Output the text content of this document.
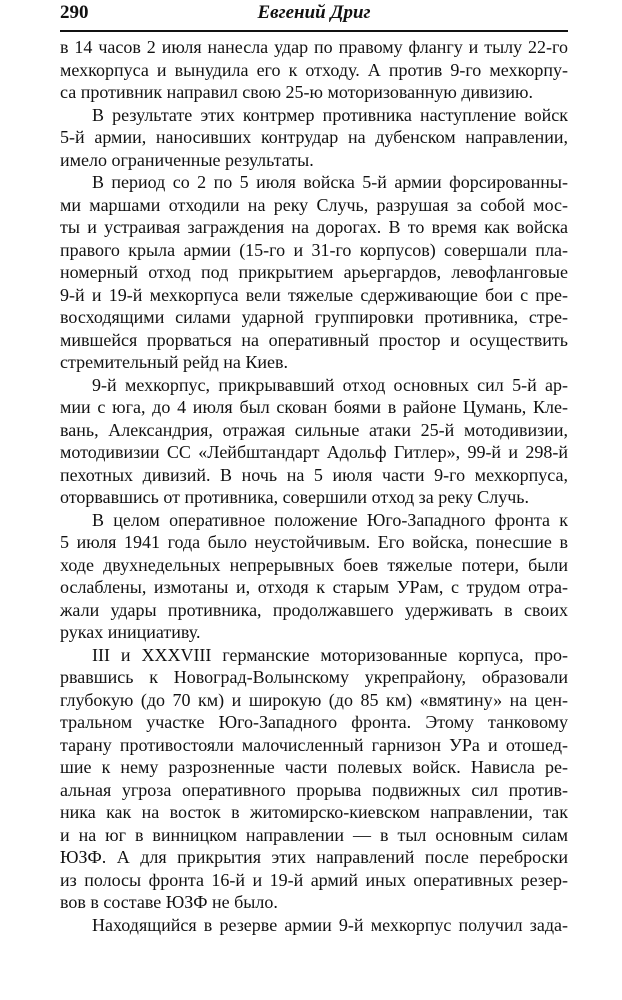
290	Евгений Дриг
в 14 часов 2 июля нанесла удар по правому флангу и тылу 22-го
мехкорпуса и вынудила его к отходу. А против 9-го мехкорпу-
са противник направил свою 25-ю моторизованную дивизию.
В результате этих контрмер противника наступление войск
5-й армии, наносивших контрудар на дубенском направлении,
имело ограниченные результаты.
В период со 2 по 5 июля войска 5-й армии форсированны-
ми маршами отходили на реку Случь, разрушая за собой мос-
ты и устраивая заграждения на дорогах. В то время как войска
правого крыла армии (15-го и 31-го корпусов) совершали пла-
номерный отход под прикрытием арьергардов, левофланговые
9-й и 19-й мехкорпуса вели тяжелые сдерживающие бои с пре-
восходящими силами ударной группировки противника, стре-
мившейся прорваться на оперативный простор и осуществить
стремительный рейд на Киев.
9-й мехкорпус, прикрывавший отход основных сил 5-й ар-
мии с юга, до 4 июля был скован боями в районе Цумань, Кле-
вань, Александрия, отражая сильные атаки 25-й мотодивизии,
мотодивизии СС «Лейбштандарт Адольф Гитлер», 99-й и 298-й
пехотных дивизий. В ночь на 5 июля части 9-го мехкорпуса,
оторвавшись от противника, совершили отход за реку Случь.
В целом оперативное положение Юго-Западного фронта к
5 июля 1941 года было неустойчивым. Его войска, понесшие в
ходе двухнедельных непрерывных боев тяжелые потери, были
ослаблены, измотаны и, отходя к старым УРам, с трудом отра-
жали удары противника, продолжавшего удерживать в своих
руках инициативу.
III и XXXVIII германские моторизованные корпуса, про-
рвавшись к Новоград-Волынскому укрепрайону, образовали
глубокую (до 70 км) и широкую (до 85 км) «вмятину» на цен-
тральном участке Юго-Западного фронта. Этому танковому
тарану противостояли малочисленный гарнизон УРа и отошед-
шие к нему разрозненные части полевых войск. Нависла ре-
альная угроза оперативного прорыва подвижных сил против-
ника как на восток в житомирско-киевском направлении, так
и на юг в винницком направлении — в тыл основным силам
ЮЗФ. А для прикрытия этих направлений после переброски
из полосы фронта 16-й и 19-й армий иных оперативных резер-
вов в составе ЮЗФ не было.
Находящийся в резерве армии 9-й мехкорпус получил зада-
